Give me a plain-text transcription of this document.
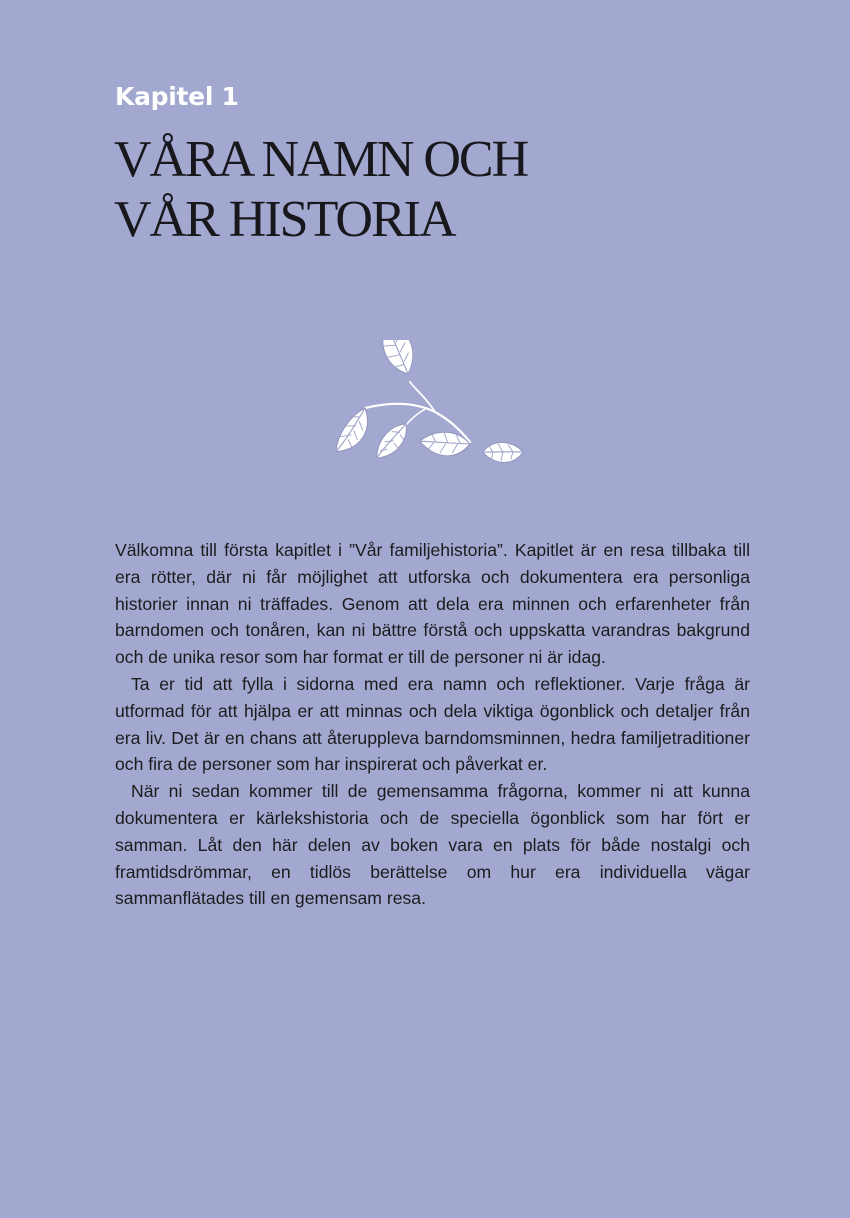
Kapitel 1
VÅRA NAMN OCH
VÅR HISTORIA

Välkomna till första kapitlet i ”Vår familjehistoria”. Kapitlet är en resa tillbaka till era rötter, där ni får möjlighet att utforska och dokumentera era personliga historier innan ni träffades. Genom att dela era minnen och erfarenheter från barndomen och tonåren, kan ni bättre förstå och uppskatta varandras bakgrund och de unika resor som har format er till de personer ni är idag.

Ta er tid att fylla i sidorna med era namn och reflektioner. Varje fråga är utformad för att hjälpa er att minnas och dela viktiga ögonblick och detaljer från era liv. Det är en chans att återuppleva barndomsminnen, hedra familjetraditioner och fira de personer som har inspirerat och påverkat er.

När ni sedan kommer till de gemensamma frågorna, kommer ni att kunna dokumentera er kärlekshistoria och de speciella ögonblick som har fört er samman. Låt den här delen av boken vara en plats för både nostalgi och framtidsdrömmar, en tidlös berättelse om hur era individuella vägar sammanflätades till en gemensam resa.
